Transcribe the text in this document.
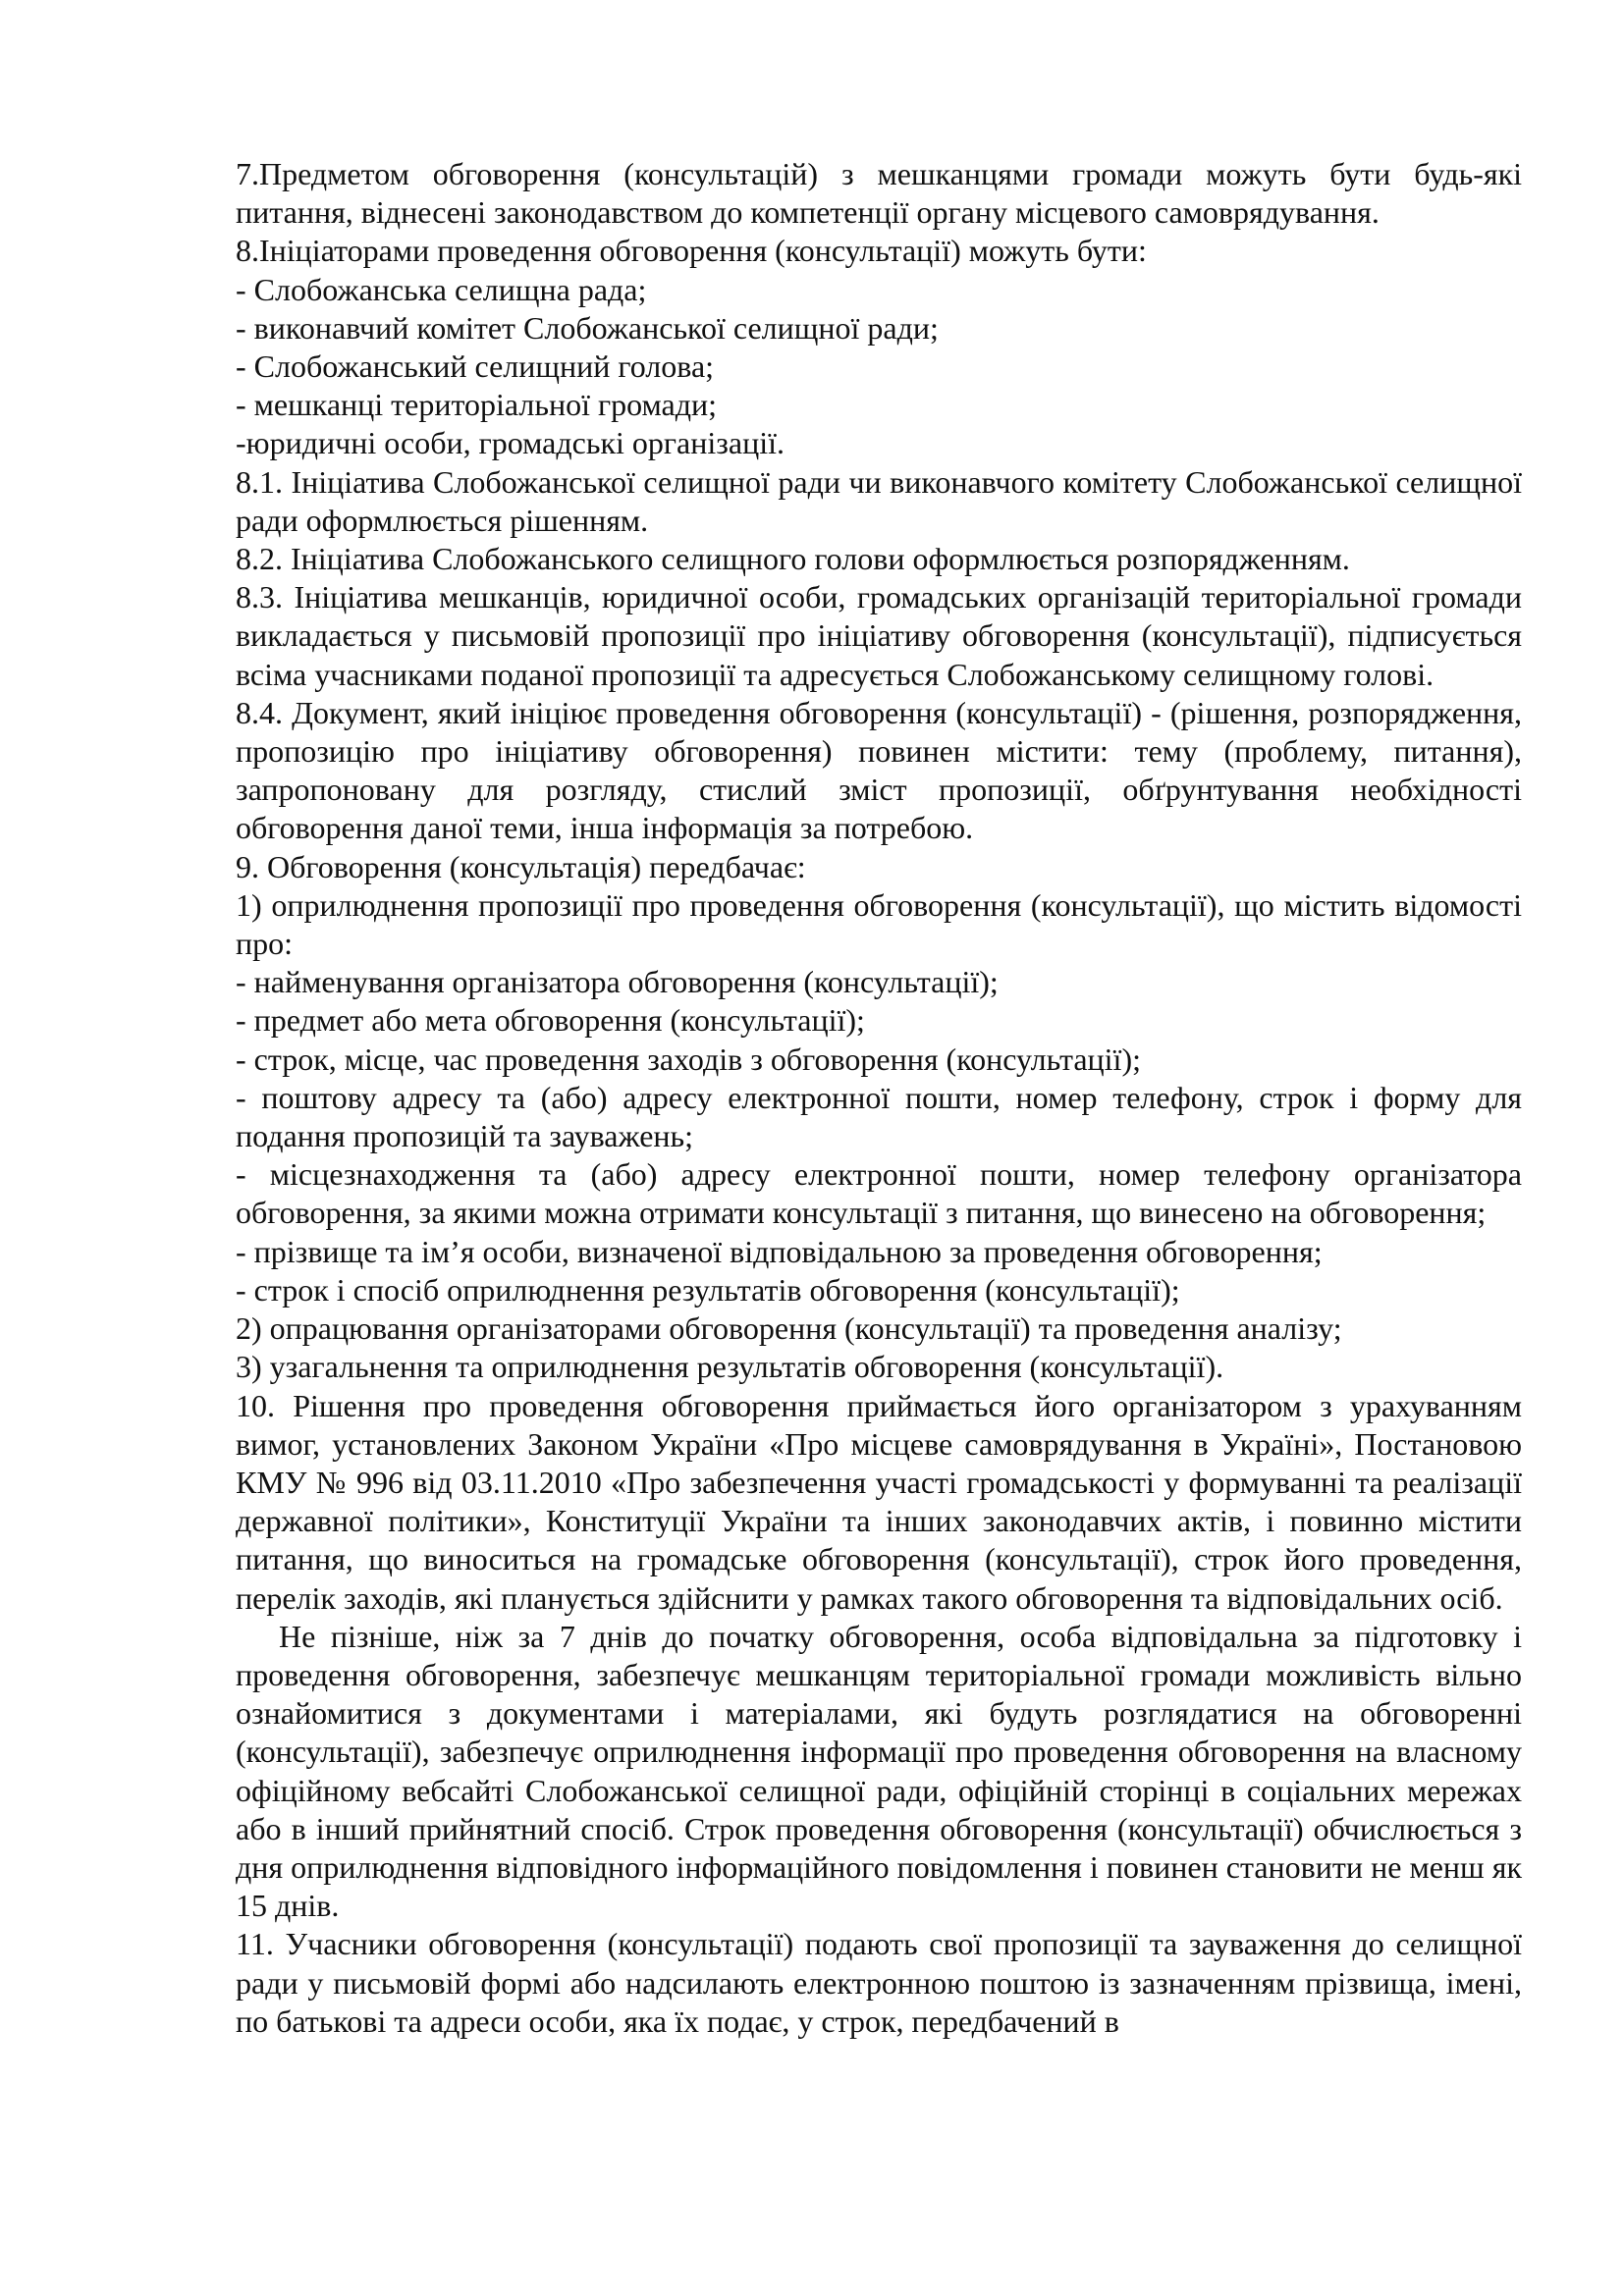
7.Предметом обговорення (консультацій) з мешканцями громади можуть бути будь-які питання, віднесені законодавством до компетенції органу місцевого самоврядування.

8.Ініціаторами проведення обговорення (консультації) можуть бути:

- Слобожанська селищна рада;

- виконавчий комітет Слобожанської селищної ради;

- Слобожанський селищний голова;

- мешканці територіальної громади;

-юридичні особи, громадські організації.

8.1. Ініціатива Слобожанської селищної ради чи виконавчого комітету Слобожанської селищної ради оформлюється рішенням.

8.2. Ініціатива Слобожанського селищного голови оформлюється розпорядженням.

8.3. Ініціатива мешканців, юридичної особи, громадських організацій територіальної громади викладається у письмовій пропозиції про ініціативу обговорення (консультації), підписується всіма учасниками поданої пропозиції та адресується Слобожанському селищному голові.

8.4. Документ, який ініціює проведення обговорення (консультації) - (рішення, розпорядження, пропозицію про ініціативу обговорення) повинен містити: тему (проблему, питання), запропоновану для розгляду, стислий зміст пропозиції, обґрунтування необхідності обговорення даної теми, інша інформація за потребою.

9. Обговорення (консультація) передбачає:

1) оприлюднення пропозиції про проведення обговорення (консультації), що містить відомості про:

- найменування організатора обговорення (консультації);

- предмет або мета обговорення (консультації);

- строк, місце, час проведення заходів з обговорення (консультації);

- поштову адресу та (або) адресу електронної пошти, номер телефону, строк і форму для подання пропозицій та зауважень;

- місцезнаходження та (або) адресу електронної пошти, номер телефону організатора обговорення, за якими можна отримати консультації з питання, що винесено на обговорення;

- прізвище та ім’я особи, визначеної відповідальною за проведення обговорення;

- строк і спосіб оприлюднення результатів обговорення (консультації);

2) опрацювання організаторами обговорення (консультації) та проведення аналізу;

3) узагальнення та оприлюднення результатів обговорення (консультації).

10. Рішення про проведення обговорення приймається його організатором з урахуванням вимог, установлених Законом України «Про місцеве самоврядування в Україні», Постановою КМУ № 996 від 03.11.2010 «Про забезпечення участі громадськості у формуванні та реалізації державної політики», Конституції України та інших законодавчих актів, і повинно містити питання, що виноситься на громадське обговорення (консультації), строк його проведення, перелік заходів, які планується здійснити у рамках такого обговорення та відповідальних осіб.

Не пізніше, ніж за 7 днів до початку обговорення, особа відповідальна за підготовку і проведення обговорення, забезпечує мешканцям територіальної громади можливість вільно ознайомитися з документами і матеріалами, які будуть розглядатися на обговоренні (консультації), забезпечує оприлюднення інформації про проведення обговорення на власному офіційному вебсайті Слобожанської селищної ради, офіційній сторінці в соціальних мережах або в інший прийнятний спосіб. Строк проведення обговорення (консультації) обчислюється з дня оприлюднення відповідного інформаційного повідомлення і повинен становити не менш як 15 днів.

11. Учасники обговорення (консультації) подають свої пропозиції та зауваження до селищної ради у письмовій формі або надсилають електронною поштою із зазначенням прізвища, імені, по батькові та адреси особи, яка їх подає, у строк, передбачений в
